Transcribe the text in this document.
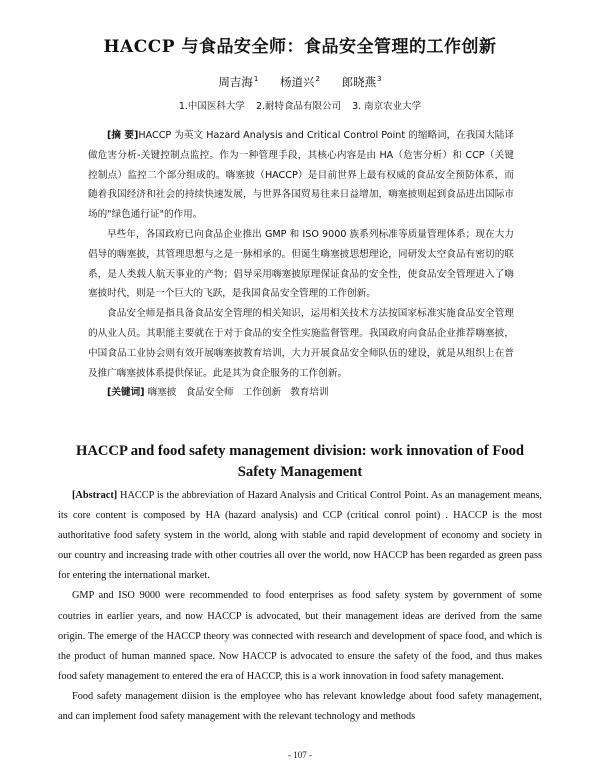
HACCP 与食品安全师：食品安全管理的工作创新
周吉海$^1$ 杨道兴$^2$ 郎晓燕$^3$
1.中国医科大学 2.耐特食品有限公司 3. 南京农业大学

[摘 要]HACCP 为英文 Hazard Analysis and Critical Control Point 的缩略词，在我国大陆译做危害分析-关键控制点监控。作为一种管理手段，其核心内容是由 HA（危害分析）和 CCP（关键控制点）监控二个部分组成的。嗨塞披（HACCP）是目前世界上最有权威的食品安全预防体系，而随着我国经济和社会的持续快速发展，与世界各国贸易往来日益增加，嗨塞披则起到食品进出国际市场的"绿色通行证"的作用。

早些年，各国政府已向食品企业推出 GMP 和 ISO 9000 族系列标准等质量管理体系；现在大力倡导的嗨塞披，其管理思想与之是一脉相承的。但诞生嗨塞披思想理论，同研发太空食品有密切的联系，是人类载人航天事业的产物；倡导采用嗨塞披原理保证食品的安全性，使食品安全管理进入了嗨塞披时代，则是一个巨大的飞跃，是我国食品安全管理的工作创新。

食品安全师是指具备食品安全管理的相关知识，运用相关技术方法按国家标准实施食品安全管理的从业人员。其职能主要就在于对于食品的安全性实施监督管理。我国政府向食品企业推荐嗨塞披，中国食品工业协会则有效开展嗨塞披教育培训，大力开展食品安全师队伍的建设，就是从组织上在普及推广嗨塞披体系提供保证。此是其为食企服务的工作创新。

[关键词] 嗨塞披 食品安全师 工作创新 教育培训

HACCP and food safety management division: work innovation of Food Safety Management

[Abstract] HACCP is the abbreviation of Hazard Analysis and Critical Control Point. As an management means, its core content is composed by HA (hazard analysis) and CCP (critical conrol point) . HACCP is the most authoritative food safety system in the world, along with stable and rapid development of economy and society in our country and increasing trade with other coutries all over the world, now HACCP has been regarded as green pass for entering the international market.

GMP and ISO 9000 were recommended to food enterprises as food safety system by government of some coutries in earlier years, and now HACCP is advocated, but their management ideas are derived from the same origin. The emerge of the HACCP theory was connected with research and development of space food, and which is the product of human manned space. Now HACCP is advocated to ensure the safety of the food, and thus makes food safety management to entered the era of HACCP, this is a work innovation in food safety management.

Food safety management diision is the employee who has relevant knowledge about food safety management, and can implement food safety management with the relevant technology and methods

- 107 -
